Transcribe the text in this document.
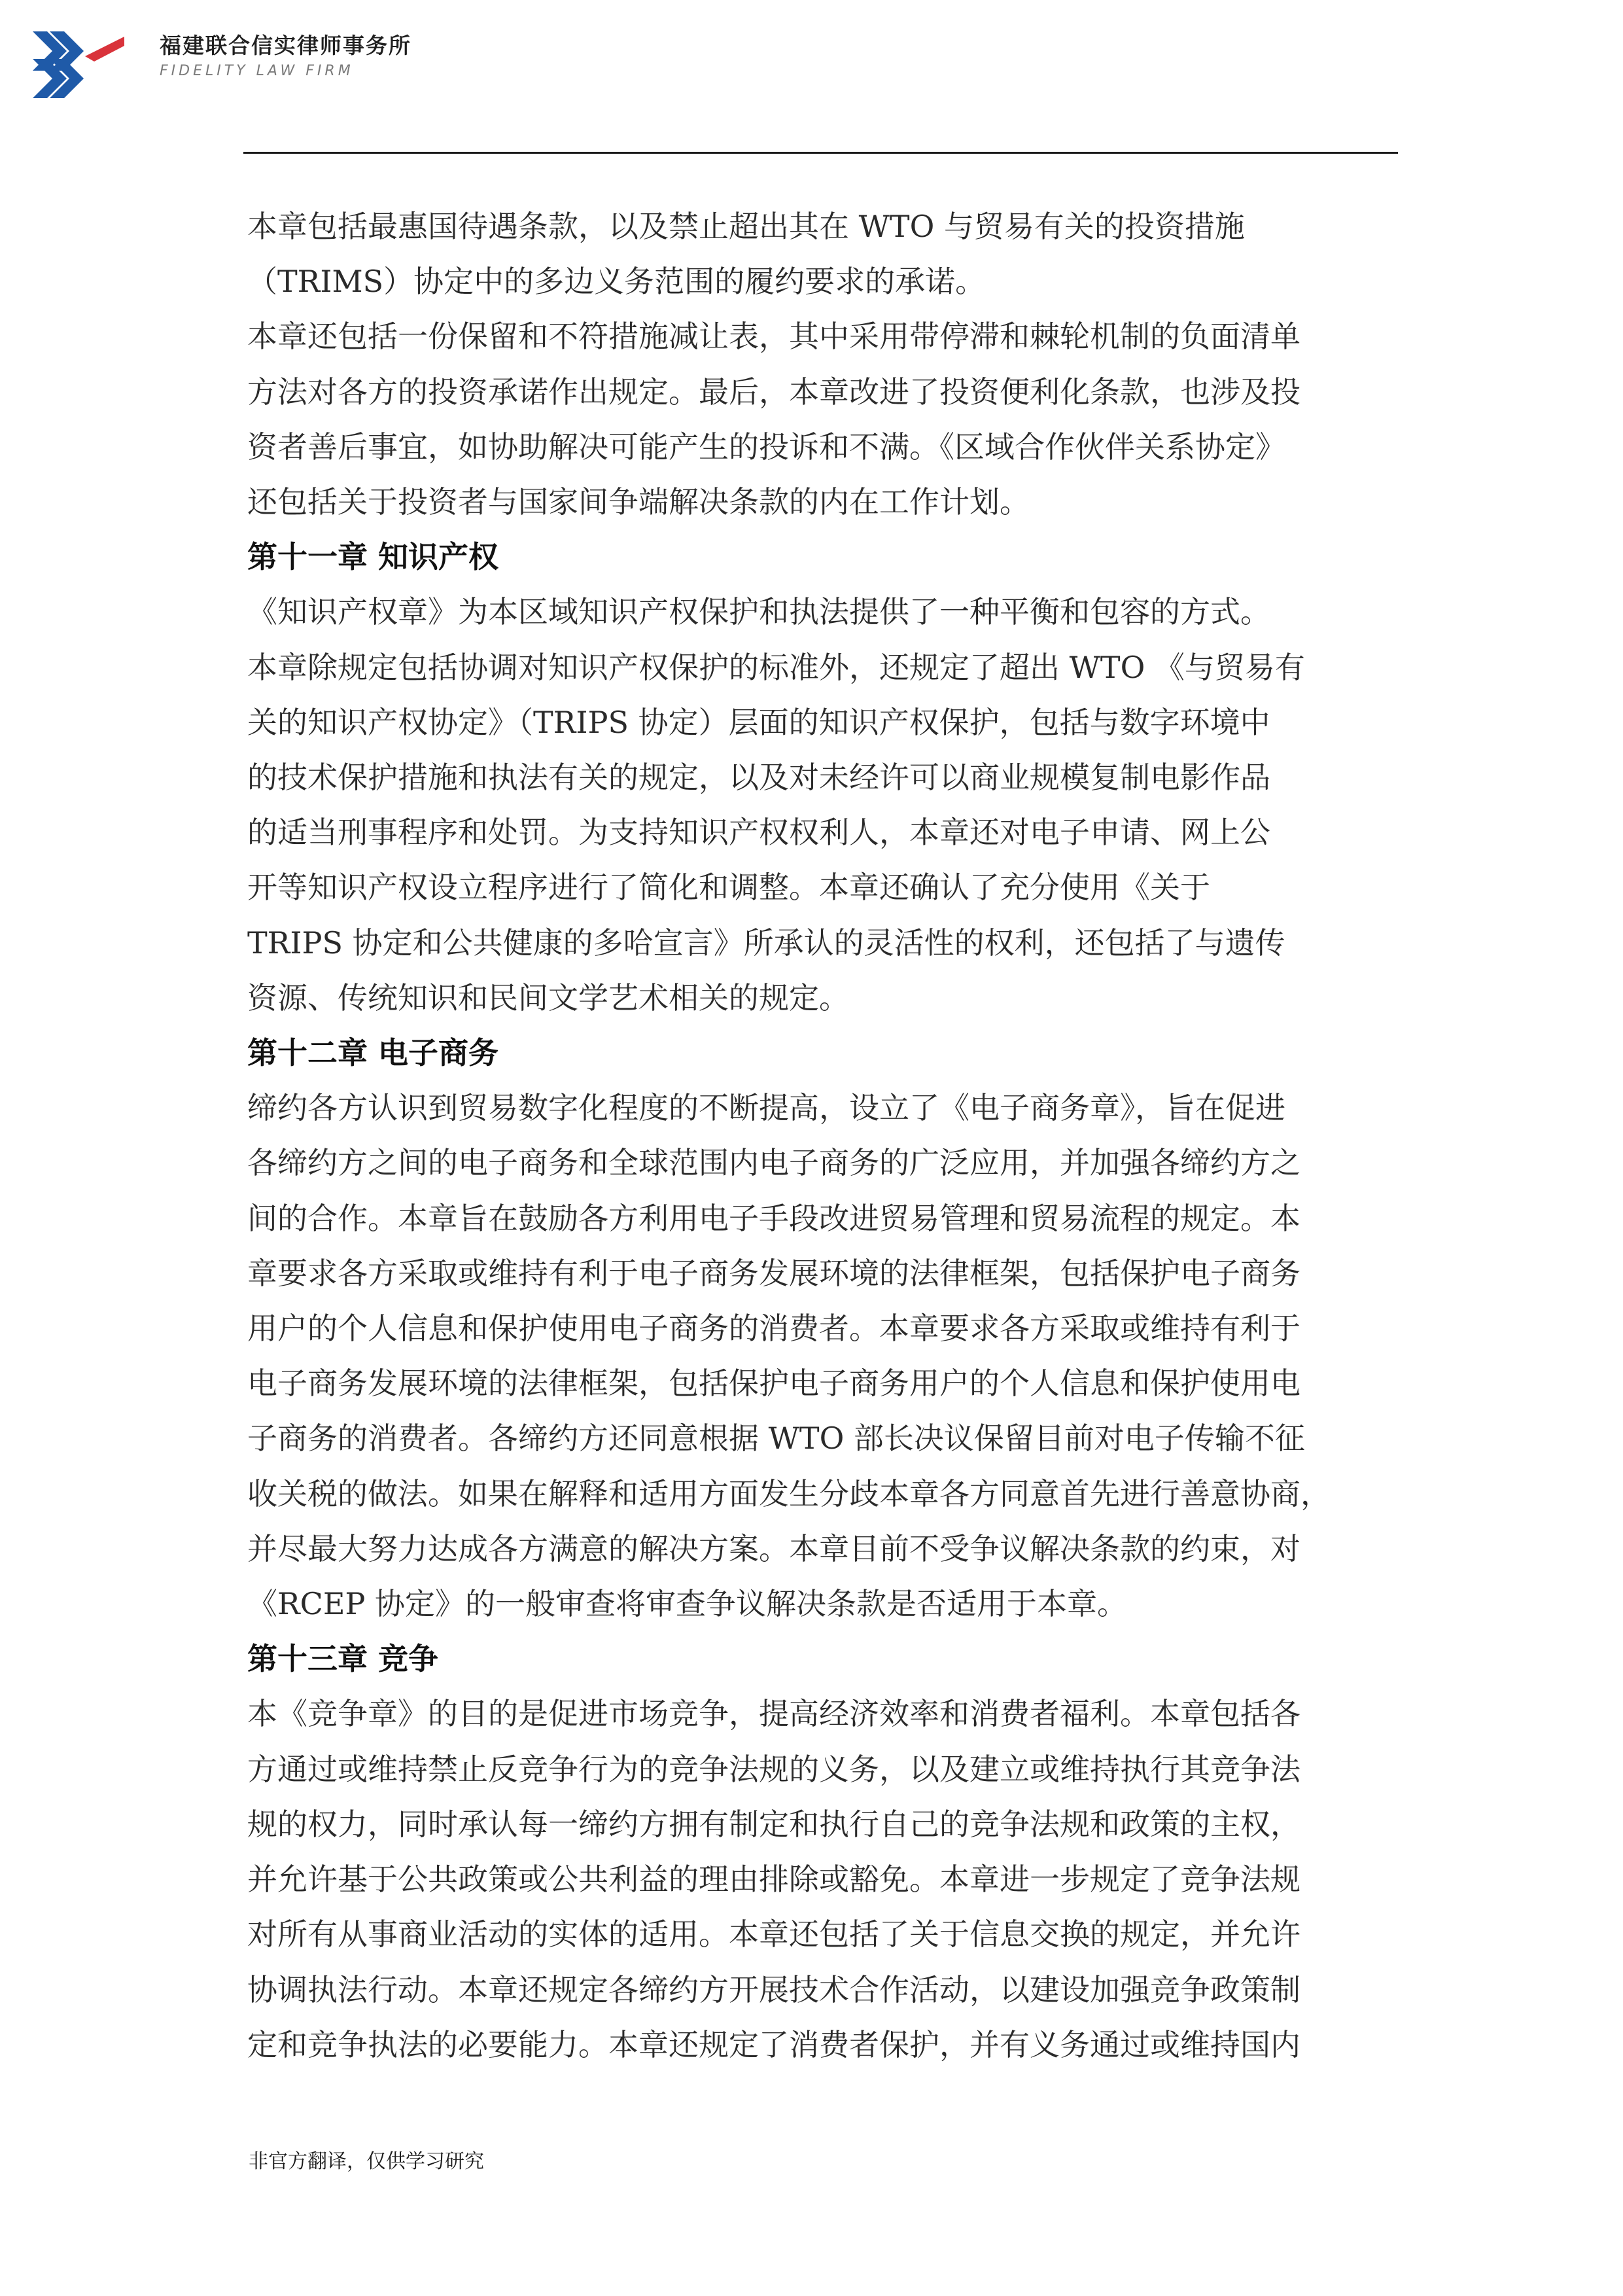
福建联合信实律师事务所
FIDELITY LAW FIRM

本章包括最惠国待遇条款，以及禁止超出其在 WTO 与贸易有关的投资措施

（TRIMS）协定中的多边义务范围的履约要求的承诺。

本章还包括一份保留和不符措施减让表，其中采用带停滞和棘轮机制的负面清单

方法对各方的投资承诺作出规定。最后，本章改进了投资便利化条款，也涉及投

资者善后事宜，如协助解决可能产生的投诉和不满。《区域合作伙伴关系协定》

还包括关于投资者与国家间争端解决条款的内在工作计划。

第十一章 知识产权

《知识产权章》为本区域知识产权保护和执法提供了一种平衡和包容的方式。

本章除规定包括协调对知识产权保护的标准外，还规定了超出 WTO 《与贸易有

关的知识产权协定》（TRIPS 协定）层面的知识产权保护，包括与数字环境中

的技术保护措施和执法有关的规定，以及对未经许可以商业规模复制电影作品

的适当刑事程序和处罚。为支持知识产权权利人，本章还对电子申请、网上公

开等知识产权设立程序进行了简化和调整。本章还确认了充分使用《关于

TRIPS 协定和公共健康的多哈宣言》所承认的灵活性的权利，还包括了与遗传

资源、传统知识和民间文学艺术相关的规定。

第十二章 电子商务

缔约各方认识到贸易数字化程度的不断提高，设立了《电子商务章》，旨在促进

各缔约方之间的电子商务和全球范围内电子商务的广泛应用，并加强各缔约方之

间的合作。本章旨在鼓励各方利用电子手段改进贸易管理和贸易流程的规定。本

章要求各方采取或维持有利于电子商务发展环境的法律框架，包括保护电子商务

用户的个人信息和保护使用电子商务的消费者。本章要求各方采取或维持有利于

电子商务发展环境的法律框架，包括保护电子商务用户的个人信息和保护使用电

子商务的消费者。各缔约方还同意根据 WTO 部长决议保留目前对电子传输不征

收关税的做法。如果在解释和适用方面发生分歧本章各方同意首先进行善意协商，

并尽最大努力达成各方满意的解决方案。本章目前不受争议解决条款的约束，对

《RCEP 协定》的一般审查将审查争议解决条款是否适用于本章。

第十三章 竞争

本《竞争章》的目的是促进市场竞争，提高经济效率和消费者福利。本章包括各

方通过或维持禁止反竞争行为的竞争法规的义务，以及建立或维持执行其竞争法

规的权力，同时承认每一缔约方拥有制定和执行自己的竞争法规和政策的主权，

并允许基于公共政策或公共利益的理由排除或豁免。本章进一步规定了竞争法规

对所有从事商业活动的实体的适用。本章还包括了关于信息交换的规定，并允许

协调执法行动。本章还规定各缔约方开展技术合作活动，以建设加强竞争政策制

定和竞争执法的必要能力。本章还规定了消费者保护，并有义务通过或维持国内

非官方翻译，仅供学习研究
